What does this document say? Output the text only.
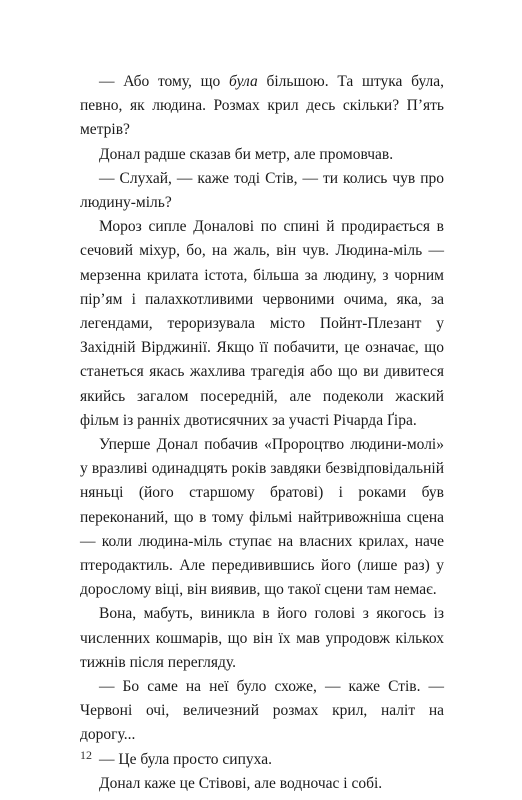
— Або тому, що була більшою. Та штука була, певно, як людина. Розмах крил десь скільки? П’ять метрів?

Донал радше сказав би метр, але промовчав.

— Слухай, — каже тоді Стів, — ти колись чув про людину-міль?

Мороз сипле Доналові по спині й продирається в сечовий міхур, бо, на жаль, він чув. Людина-міль — мерзенна крилата істота, більша за людину, з чорним пір’ям і палахкотливими червоними очима, яка, за легендами, тероризувала місто Пойнт-Плезант у Західній Вірджинії. Якщо її побачити, це означає, що станеться якась жахлива трагедія або що ви дивитеся якийсь загалом посередній, але подеколи жаский фільм із ранніх двотисячних за участі Річарда Ґіра.

Уперше Донал побачив «Пророцтво людини-молі» у вразливі одинадцять років завдяки безвідповідальній няньці (його старшому братові) і роками був переконаний, що в тому фільмі найтривожніша сцена — коли людина-міль ступає на власних крилах, наче птеродактиль. Але передивившись його (лише раз) у дорослому віці, він виявив, що такої сцени там немає.

Вона, мабуть, виникла в його голові з якогось із численних кошмарів, що він їх мав упродовж кількох тижнів після перегляду.

— Бо саме на неї було схоже, — каже Стів. — Червоні очі, величезний розмах крил, наліт на дорогу...

— Це була просто сипуха.

Донал каже це Стівові, але водночас і собі.

12
